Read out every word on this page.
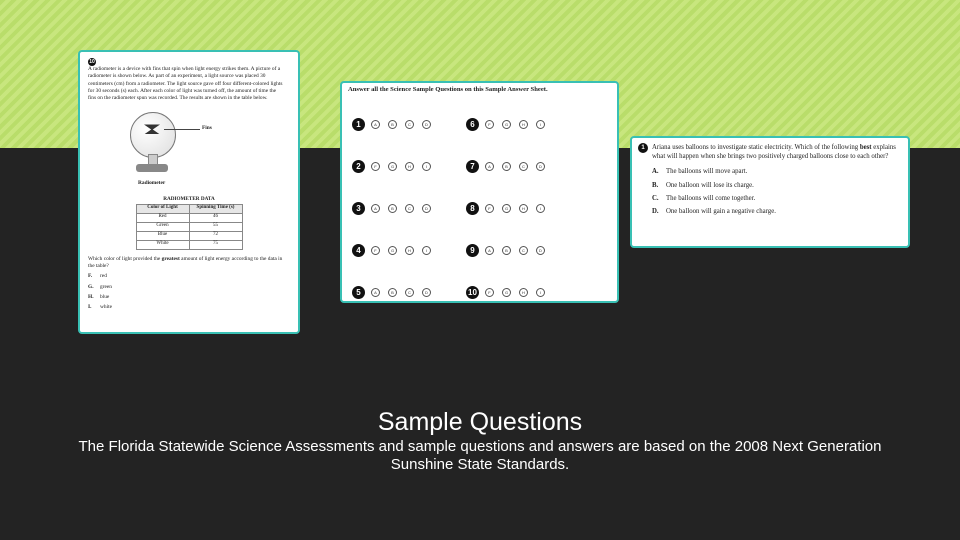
10A radiometer is a device with fins that spin when light energy strikes them. A picture of a radiometer is shown below. As part of an experiment, a light source was placed 30 centimeters (cm) from a radiometer. The light source gave off four different-colored lights for 30 seconds (s) each. After each color of light was turned off, the amount of time the fins on the radiometer spun was recorded. The results are shown in the table below.
Fins
Radiometer
RADIOMETER DATA
Color of Light	Spinning Time (s)
Red	46
Green	55
Blue	72
White	75
Which color of light provided the greatest amount of light energy according to the data in the table?
F. red
G. green
H. blue
I. white
Answer all the Science Sample Questions on this Sample Answer Sheet.
1	A	B	C	D
2	F	G	H	I
3	A	B	C	D
4	F	G	H	I
5	A	B	C	D
6	F	G	H	I
7	A	B	C	D
8	F	G	H	I
9	A	B	C	D
10	F	G	H	I
1 Ariana uses balloons to investigate static electricity. Which of the following best explains what will happen when she brings two positively charged balloons close to each other?
A. The balloons will move apart.
B. One balloon will lose its charge.
C. The balloons will come together.
D. One balloon will gain a negative charge.
Sample Questions
The Florida Statewide Science Assessments and sample questions and answers are based on the 2008 Next Generation Sunshine State Standards.
